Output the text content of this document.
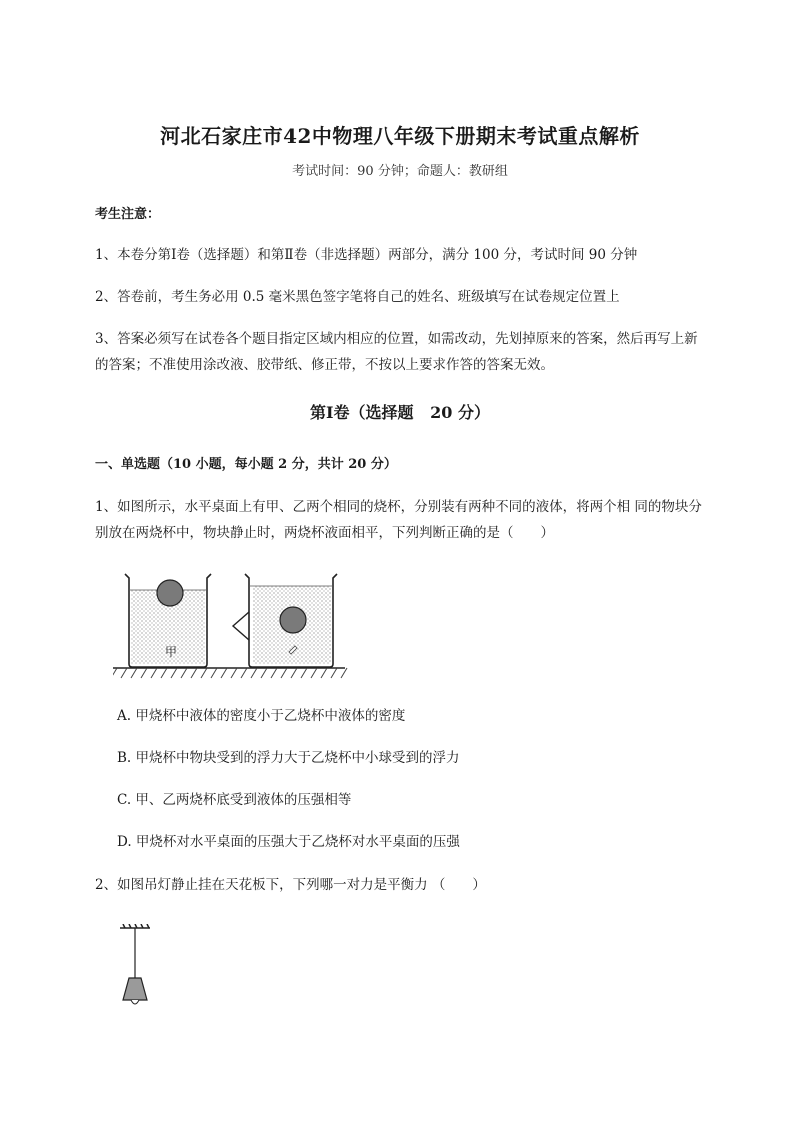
河北石家庄市42中物理八年级下册期末考试重点解析
考试时间：90 分钟；命题人：教研组
考生注意：
1、本卷分第Ⅰ卷（选择题）和第Ⅱ卷（非选择题）两部分，满分 100 分，考试时间 90 分钟
2、答卷前，考生务必用 0.5 毫米黑色签字笔将自己的姓名、班级填写在试卷规定位置上
3、答案必须写在试卷各个题目指定区域内相应的位置，如需改动，先划掉原来的答案，然后再写上新的答案；不准使用涂改液、胶带纸、修正带，不按以上要求作答的答案无效。
第Ⅰ卷（选择题   20 分）
一、单选题（10 小题，每小题 2 分，共计 20 分）
1、如图所示，水平桌面上有甲、乙两个相同的烧杯，分别装有两种不同的液体，将两个相 同的物块分别放在两烧杯中，物块静止时，两烧杯液面相平，下列判断正确的是（　　）
甲
A. 甲烧杯中液体的密度小于乙烧杯中液体的密度
B. 甲烧杯中物块受到的浮力大于乙烧杯中小球受到的浮力
C. 甲、乙两烧杯底受到液体的压强相等
D. 甲烧杯对水平桌面的压强大于乙烧杯对水平桌面的压强
2、如图吊灯静止挂在天花板下，下列哪一对力是平衡力 （　　）
